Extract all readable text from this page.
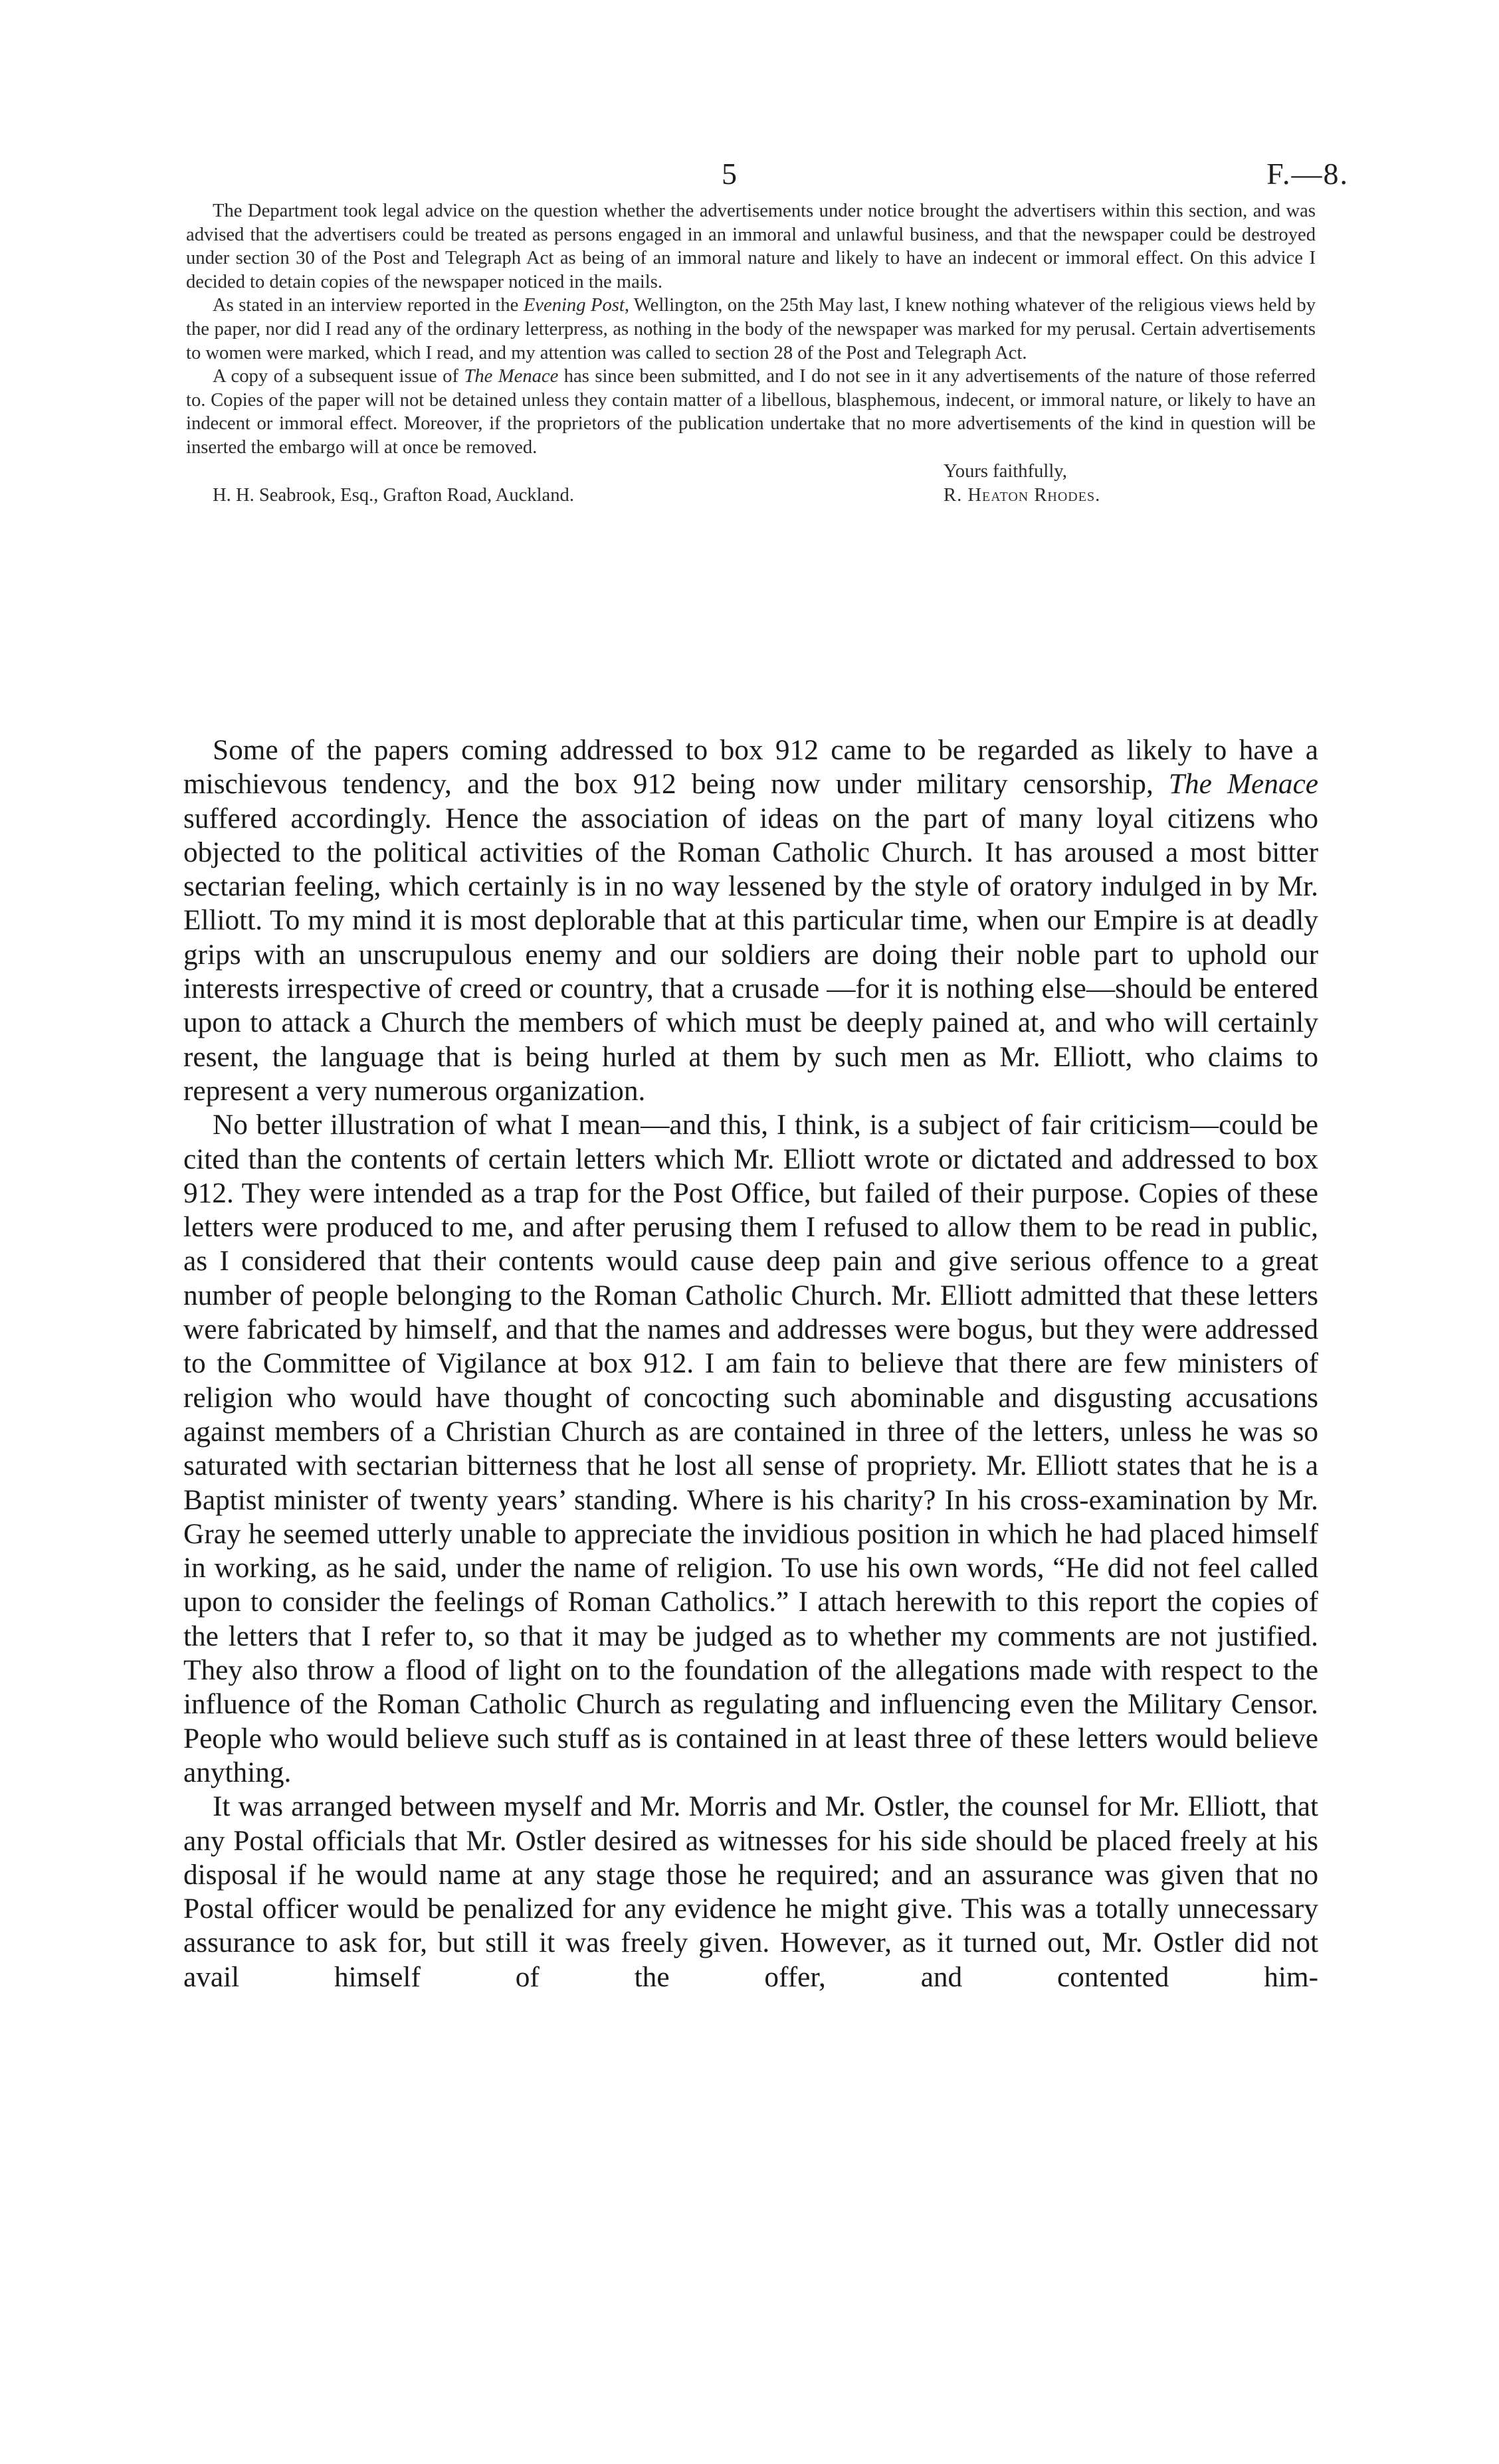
5	F.—8.

The Department took legal advice on the question whether the advertisements under notice brought the advertisers within this section, and was advised that the advertisers could be treated as persons engaged in an immoral and unlawful business, and that the newspaper could be destroyed under section 30 of the Post and Telegraph Act as being of an immoral nature and likely to have an indecent or immoral effect. On this advice I decided to detain copies of the newspaper noticed in the mails.

As stated in an interview reported in the Evening Post, Wellington, on the 25th May last, I knew nothing whatever of the religious views held by the paper, nor did I read any of the ordinary letterpress, as nothing in the body of the newspaper was marked for my perusal. Certain advertisements to women were marked, which I read, and my attention was called to section 28 of the Post and Telegraph Act.

A copy of a subsequent issue of The Menace has since been submitted, and I do not see in it any advertisements of the nature of those referred to. Copies of the paper will not be detained unless they contain matter of a libellous, blasphemous, indecent, or immoral nature, or likely to have an indecent or immoral effect. Moreover, if the proprietors of the publication undertake that no more advertisements of the kind in question will be inserted the embargo will at once be removed.

Yours faithfully,
H. H. Seabrook, Esq., Grafton Road, Auckland.	R. Heaton Rhodes.

Some of the papers coming addressed to box 912 came to be regarded as likely to have a mischievous tendency, and the box 912 being now under military censorship, The Menace suffered accordingly. Hence the association of ideas on the part of many loyal citizens who objected to the political activities of the Roman Catholic Church. It has aroused a most bitter sectarian feeling, which certainly is in no way lessened by the style of oratory indulged in by Mr. Elliott. To my mind it is most deplorable that at this particular time, when our Empire is at deadly grips with an unscrupulous enemy and our soldiers are doing their noble part to uphold our interests irrespective of creed or country, that a crusade —for it is nothing else—should be entered upon to attack a Church the members of which must be deeply pained at, and who will certainly resent, the language that is being hurled at them by such men as Mr. Elliott, who claims to represent a very numerous organization.

No better illustration of what I mean—and this, I think, is a subject of fair criticism—could be cited than the contents of certain letters which Mr. Elliott wrote or dictated and addressed to box 912. They were intended as a trap for the Post Office, but failed of their purpose. Copies of these letters were produced to me, and after perusing them I refused to allow them to be read in public, as I considered that their contents would cause deep pain and give serious offence to a great number of people belonging to the Roman Catholic Church. Mr. Elliott admitted that these letters were fabricated by himself, and that the names and addresses were bogus, but they were addressed to the Committee of Vigilance at box 912. I am fain to believe that there are few ministers of religion who would have thought of concocting such abominable and disgusting accusations against members of a Christian Church as are contained in three of the letters, unless he was so saturated with sectarian bitterness that he lost all sense of propriety. Mr. Elliott states that he is a Baptist minister of twenty years’ standing. Where is his charity? In his cross-examination by Mr. Gray he seemed utterly unable to appreciate the invidious position in which he had placed himself in working, as he said, under the name of religion. To use his own words, “He did not feel called upon to consider the feelings of Roman Catholics.” I attach herewith to this report the copies of the letters that I refer to, so that it may be judged as to whether my comments are not justified. They also throw a flood of light on to the foundation of the allegations made with respect to the influence of the Roman Catholic Church as regulating and influencing even the Military Censor. People who would believe such stuff as is contained in at least three of these letters would believe anything.

It was arranged between myself and Mr. Morris and Mr. Ostler, the counsel for Mr. Elliott, that any Postal officials that Mr. Ostler desired as witnesses for his side should be placed freely at his disposal if he would name at any stage those he required; and an assurance was given that no Postal officer would be penalized for any evidence he might give. This was a totally unnecessary assurance to ask for, but still it was freely given. However, as it turned out, Mr. Ostler did not avail himself of the offer, and contented him-
